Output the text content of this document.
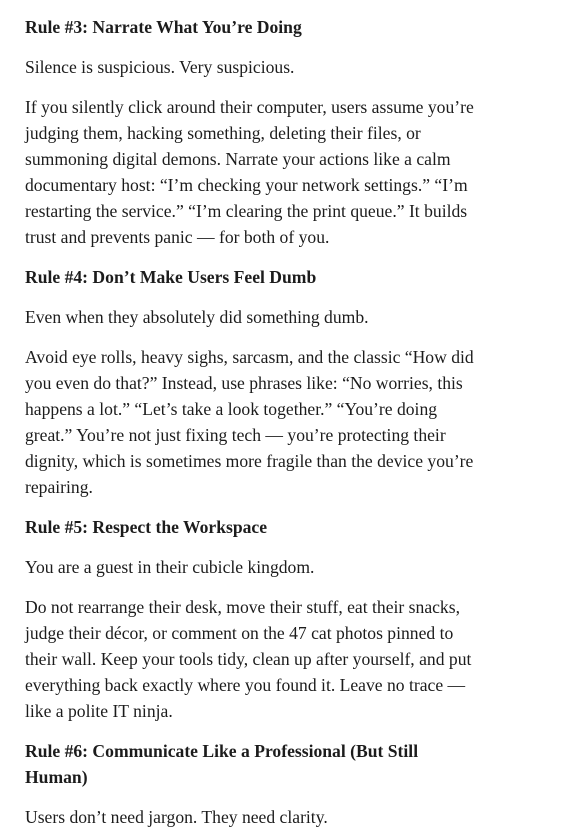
Rule #3: Narrate What You’re Doing
Silence is suspicious. Very suspicious.
If you silently click around their computer, users assume you’re
judging them, hacking something, deleting their files, or
summoning digital demons. Narrate your actions like a calm
documentary host: “I’m checking your network settings.” “I’m
restarting the service.” “I’m clearing the print queue.” It builds
trust and prevents panic — for both of you.
Rule #4: Don’t Make Users Feel Dumb
Even when they absolutely did something dumb.
Avoid eye rolls, heavy sighs, sarcasm, and the classic “How did
you even do that?” Instead, use phrases like: “No worries, this
happens a lot.” “Let’s take a look together.” “You’re doing
great.” You’re not just fixing tech — you’re protecting their
dignity, which is sometimes more fragile than the device you’re
repairing.
Rule #5: Respect the Workspace
You are a guest in their cubicle kingdom.
Do not rearrange their desk, move their stuff, eat their snacks,
judge their décor, or comment on the 47 cat photos pinned to
their wall. Keep your tools tidy, clean up after yourself, and put
everything back exactly where you found it. Leave no trace —
like a polite IT ninja.
Rule #6: Communicate Like a Professional (But Still
Human)
Users don’t need jargon. They need clarity.
